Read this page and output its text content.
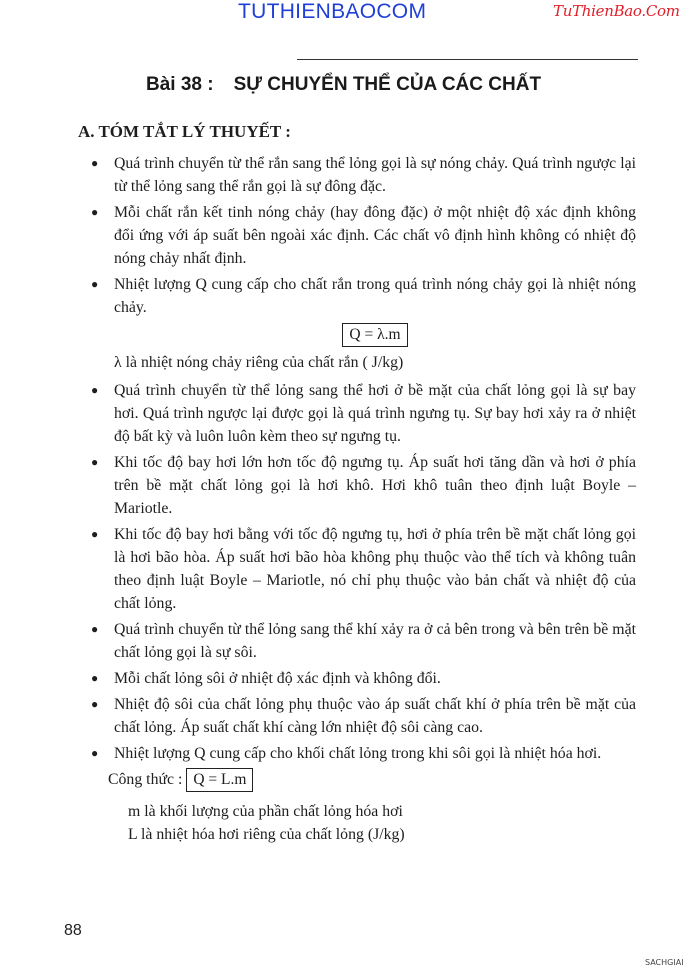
TUTHIENBAOCOM	TuThienBao.Com
Bài 38 : SỰ CHUYỂN THỂ CỦA CÁC CHẤT
A. TÓM TẮT LÝ THUYẾT :
● Quá trình chuyển từ thể rắn sang thể lỏng gọi là sự nóng chảy. Quá trình ngược lại từ thể lỏng sang thể rắn gọi là sự đông đặc.
● Mỗi chất rắn kết tinh nóng chảy (hay đông đặc) ở một nhiệt độ xác định không đổi ứng với áp suất bên ngoài xác định. Các chất vô định hình không có nhiệt độ nóng chảy nhất định.
● Nhiệt lượng Q cung cấp cho chất rắn trong quá trình nóng chảy gọi là nhiệt nóng chảy.
Q = λ.m

λ là nhiệt nóng chảy riêng của chất rắn ( J/kg)

● Quá trình chuyển từ thể lỏng sang thể hơi ở bề mặt của chất lỏng gọi là sự bay hơi. Quá trình ngược lại được gọi là quá trình ngưng tụ. Sự bay hơi xảy ra ở nhiệt độ bất kỳ và luôn luôn kèm theo sự ngưng tụ.
● Khi tốc độ bay hơi lớn hơn tốc độ ngưng tụ. Áp suất hơi tăng dần và hơi ở phía trên bề mặt chất lỏng gọi là hơi khô. Hơi khô tuân theo định luật Boyle – Mariotle.
● Khi tốc độ bay hơi bằng với tốc độ ngưng tụ, hơi ở phía trên bề mặt chất lỏng gọi là hơi bão hòa. Áp suất hơi bão hòa không phụ thuộc vào thể tích và không tuân theo định luật Boyle – Mariotle, nó chỉ phụ thuộc vào bản chất và nhiệt độ của chất lỏng.
● Quá trình chuyển từ thể lỏng sang thể khí xảy ra ở cả bên trong và bên trên bề mặt chất lỏng gọi là sự sôi.
● Mỗi chất lỏng sôi ở nhiệt độ xác định và không đổi.
● Nhiệt độ sôi của chất lỏng phụ thuộc vào áp suất chất khí ở phía trên bề mặt của chất lỏng. Áp suất chất khí càng lớn nhiệt độ sôi càng cao.
● Nhiệt lượng Q cung cấp cho khối chất lỏng trong khi sôi gọi là nhiệt hóa hơi.

Công thức : Q = L.m

m là khối lượng của phần chất lỏng hóa hơi

L là nhiệt hóa hơi riêng của chất lỏng (J/kg)

88
SACHGIAI
